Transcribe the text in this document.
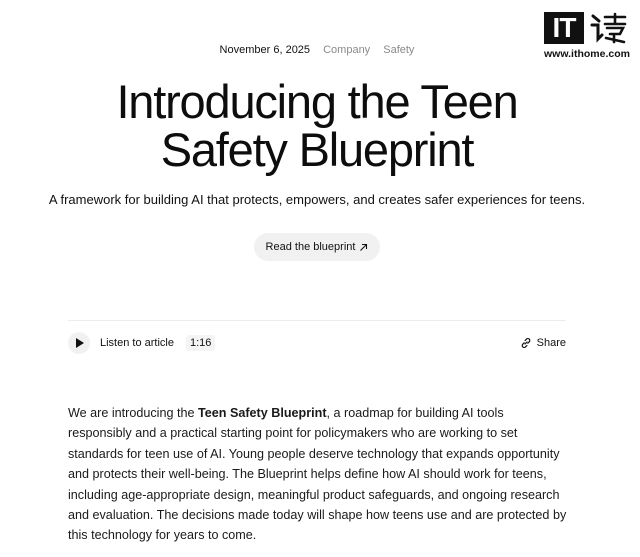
IT
www.ithome.com
November 6, 2025 Company Safety
Introducing the Teen
Safety Blueprint
A framework for building AI that protects, empowers, and creates safer experiences for teens.
Read the blueprint
Listen to article	1:16	Share

We are introducing the Teen Safety Blueprint, a roadmap for building AI tools responsibly and a practical starting point for policymakers who are working to set standards for teen use of AI. Young people deserve technology that expands opportunity and protects their well-being. The Blueprint helps define how AI should work for teens, including age-appropriate design, meaningful product safeguards, and ongoing research and evaluation. The decisions made today will shape how teens use and are protected by this technology for years to come.
